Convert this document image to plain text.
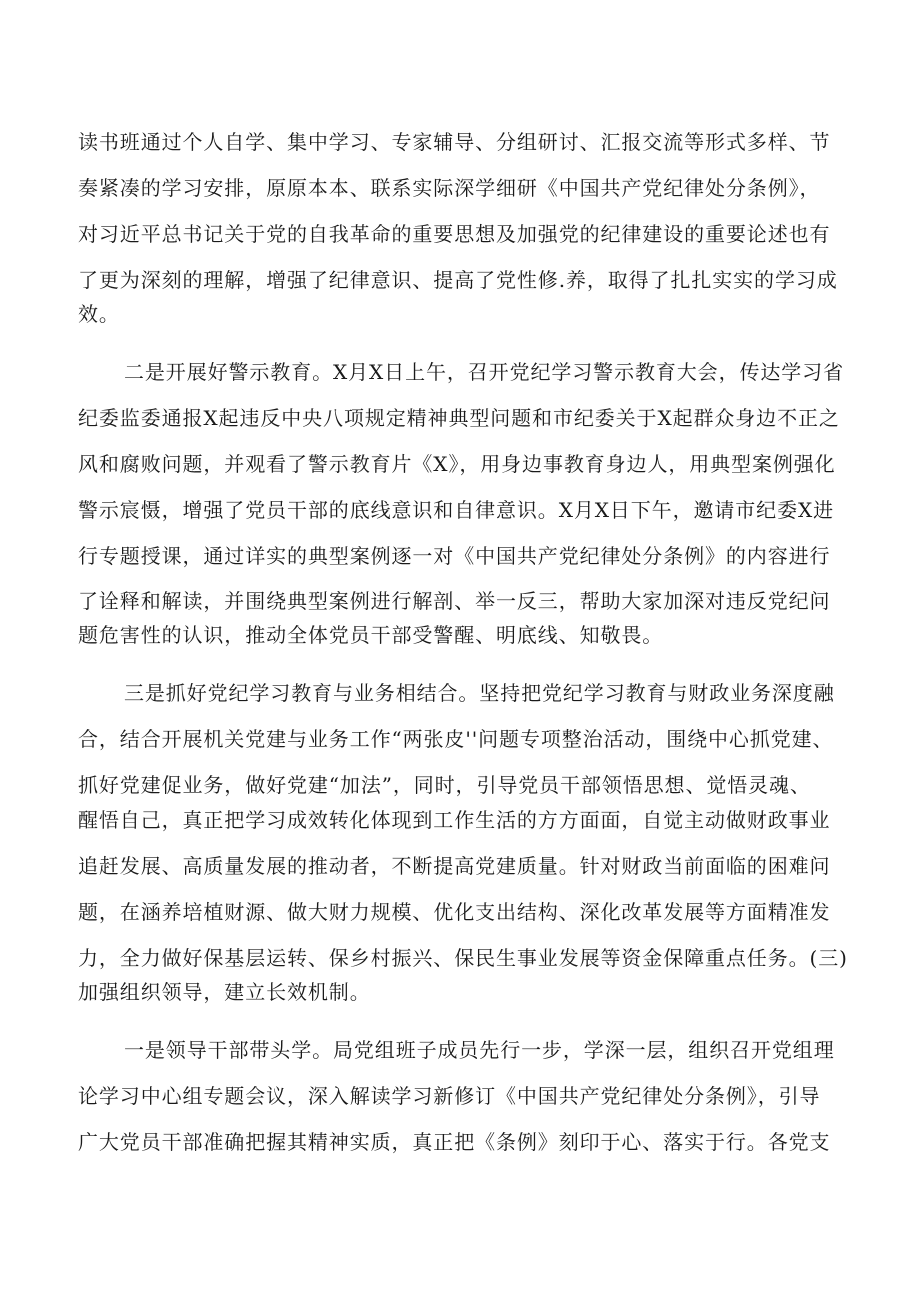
读书班通过个人自学、集中学习、专家辅导、分组研讨、汇报交流等形式多样、节

奏紧凑的学习安排，原原本本、联系实际深学细研《中国共产党纪律处分条例》，

对习近平总书记关于党的自我革命的重要思想及加强党的纪律建设的重要论述也有

了更为深刻的理解，增强了纪律意识、提高了党性修.养，取得了扎扎实实的学习成

效。

二是开展好警示教育。X月X日上午，召开党纪学习警示教育大会，传达学习省

纪委监委通报X起违反中央八项规定精神典型问题和市纪委关于X起群众身边不正之

风和腐败问题，并观看了警示教育片《X》，用身边事教育身边人，用典型案例强化

警示宸慑，增强了党员干部的底线意识和自律意识。X月X日下午，邀请市纪委X进

行专题授课，通过详实的典型案例逐一对《中国共产党纪律处分条例》的内容进行

了诠释和解读，并围绕典型案例进行解剖、举一反三，帮助大家加深对违反党纪问

题危害性的认识，推动全体党员干部受警醒、明底线、知敬畏。

三是抓好党纪学习教育与业务相结合。坚持把党纪学习教育与财政业务深度融

合，结合开展机关党建与业务工作“两张皮''问题专项整治活动，围绕中心抓党建、

抓好党建促业务，做好党建“加法”，同时，引导党员干部领悟思想、觉悟灵魂、

醒悟自己，真正把学习成效转化体现到工作生活的方方面面，自觉主动做财政事业

追赶发展、高质量发展的推动者，不断提高党建质量。针对财政当前面临的困难问

题，在涵养培植财源、做大财力规模、优化支出结构、深化改革发展等方面精准发

力，全力做好保基层运转、保乡村振兴、保民生事业发展等资金保障重点任务。(三)

加强组织领导，建立长效机制。

一是领导干部带头学。局党组班子成员先行一步，学深一层，组织召开党组理

论学习中心组专题会议，深入解读学习新修订《中国共产党纪律处分条例》，引导

广大党员干部准确把握其精神实质，真正把《条例》刻印于心、落实于行。各党支
